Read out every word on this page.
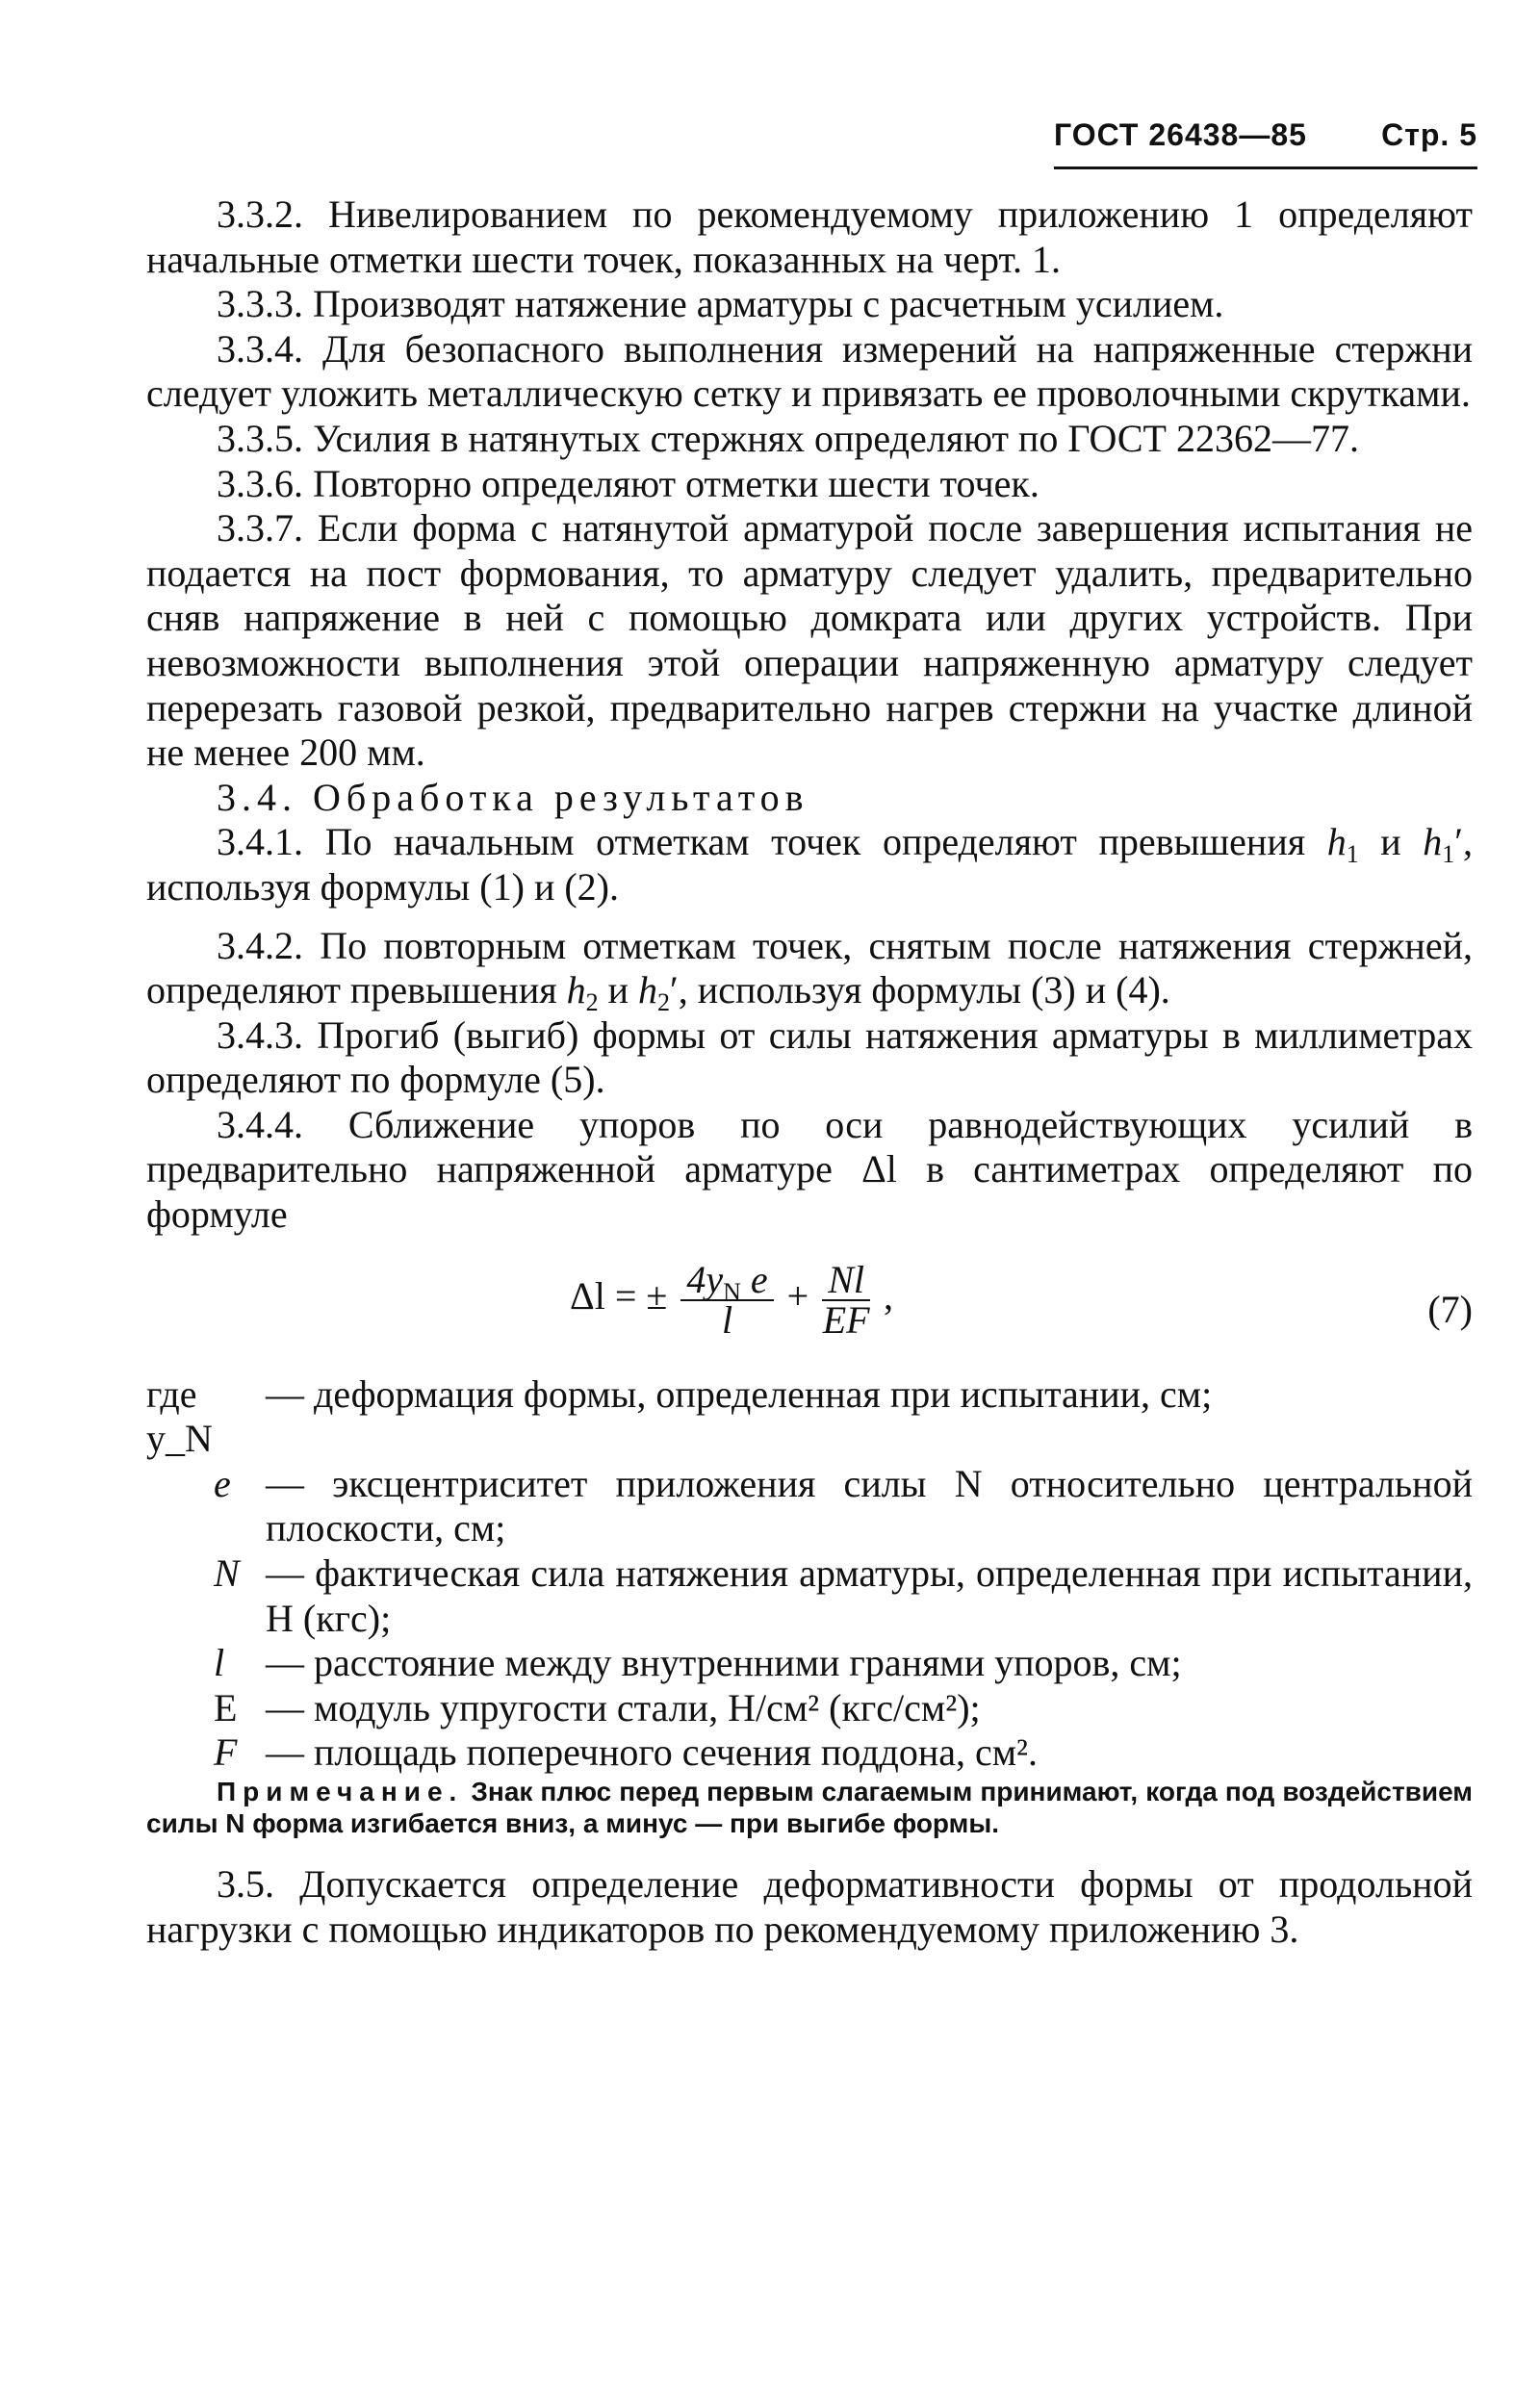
ГОСТ 26438—85 Стр. 5

3.3.2. Нивелированием по рекомендуемому приложению 1 определяют начальные отметки шести точек, показанных на черт. 1.

3.3.3. Производят натяжение арматуры с расчетным усилием.

3.3.4. Для безопасного выполнения измерений на напряженные стержни следует уложить металлическую сетку и привязать ее проволочными скрутками.

3.3.5. Усилия в натянутых стержнях определяют по ГОСТ 22362—77.

3.3.6. Повторно определяют отметки шести точек.

3.3.7. Если форма с натянутой арматурой после завершения испытания не подается на пост формования, то арматуру следует удалить, предварительно сняв напряжение в ней с помощью домкрата или других устройств. При невозможности выполнения этой операции напряженную арматуру следует перерезать газовой резкой, предварительно нагрев стержни на участке длиной не менее 200 мм.

3.4. Обработка результатов

3.4.1. По начальным отметкам точек определяют превышения $h_1$ и $h_1'$, используя формулы (1) и (2).

3.4.2. По повторным отметкам точек, снятым после натяжения стержней, определяют превышения $h_2$ и $h_2'$, используя формулы (3) и (4).

3.4.3. Прогиб (выгиб) формы от силы натяжения арматуры в миллиметрах определяют по формуле (5).

3.4.4. Сближение упоров по оси равнодействующих усилий в предварительно напряженной арматуре Δl в сантиметрах определяют по формуле

Δl = ± $\frac{4y_N e}{l} + \frac{Nl}{EF}$ ,	(7)
где y_N
— деформация формы, определенная при испытании, см;
e — эксцентриситет приложения силы N относительно центральной плоскости, см;
N — фактическая сила натяжения арматуры, определенная при испытании, Н (кгс);
l	— расстояние между внутренними гранями упоров, см;
E — модуль упругости стали, Н/см² (кгс/см²);
F — площадь поперечного сечения поддона, см².

Примечание. Знак плюс перед первым слагаемым принимают, когда под воздействием силы N форма изгибается вниз, а минус — при выгибе формы.

3.5. Допускается определение деформативности формы от продольной нагрузки с помощью индикаторов по рекомендуемому приложению 3.
